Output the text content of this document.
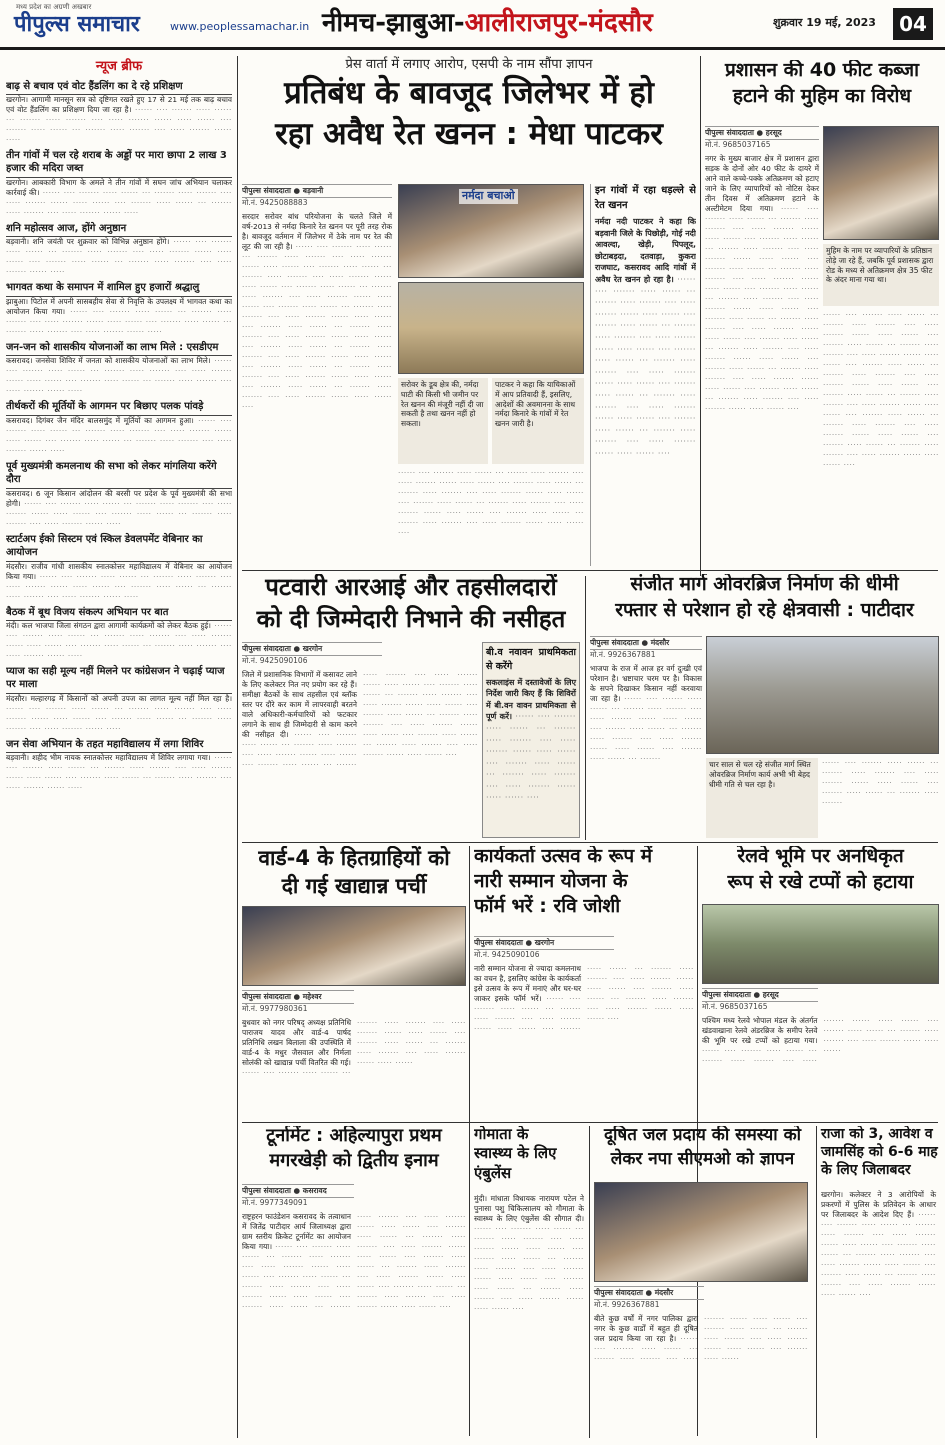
मध्य प्रदेश का अग्रणी अखबार
पीपुल्स समाचार	www.peoplessamachar.in नीमच-झाबुआ-आलीराजपुर-मंदसौर	शुक्रवार 19 मई, 2023	04
न्यूज ब्रीफ
बाढ़ से बचाव एवं वोट हैंडलिंग का दे रहे प्रशिक्षण
खरगोन। आगामी मानसून सत्र को दृष्टिगत रखते हुए 17 से 21 मई तक बाढ़ बचाव एवं वोट हैंडलिंग का प्रशिक्षण दिया जा रहा है। ······ ···· ······· ····· ······ ··· ······· ····· ······· ···· ····· ······· ······ ····· ······ ···· ······· ····· ······ ··· ······· ····· ······· ···· ····· ······· ······ ·····
तीन गांवों में चल रहे शराब के अड्डों पर मारा छापा 2 लाख 3 हजार की मदिरा जब्त
खरगोन। आबकारी विभाग के अमले ने तीन गांवों में सघन जांच अभियान चलाकर कार्रवाई की। ······ ···· ······· ····· ······ ··· ······· ····· ······· ···· ····· ······· ······ ····· ······ ···· ······· ····· ······ ··· ······· ····· ······· ···· ····· ······· ······ ·····
शनि महोत्सव आज, होंगे अनुष्ठान
बड़वानी। शनि जयंती पर शुक्रवार को विभिन्न अनुष्ठान होंगे। ······ ···· ······· ····· ······ ··· ······· ····· ······· ···· ····· ······· ······ ····· ······ ···· ······· ····· ······ ··· ······· ····· ······· ···· ····· ······· ······ ·····
भागवत कथा के समापन में शामिल हुए हजारों श्रद्धालु
झाबुआ। पिटोल में अपनी सासबहीय सेवा से निवृत्ति के उपलक्ष्य में भागवत कथा का आयोजन किया गया। ······ ···· ······· ····· ······ ··· ······· ····· ······· ···· ····· ······· ······ ····· ······ ···· ······· ····· ······ ··· ······· ····· ······· ···· ····· ······· ······ ·····
जन-जन को शासकीय योजनाओं का लाभ मिले : एसडीएम
कसरावद। जनसेवा शिविर में जनता को शासकीय योजनाओं का लाभ मिले। ······ ···· ······· ····· ······ ··· ······· ····· ······· ···· ····· ······· ······ ····· ······ ···· ······· ····· ······ ··· ······· ····· ······· ···· ····· ······· ······ ·····
तीर्थकरों की मूर्तियों के आगमन पर बिछाए पलक पांवड़े
कसरावद। दिगंबर जैन मंदिर बालसमुंद में मूर्तियों का आगमन हुआ। ······ ···· ······· ····· ······ ··· ······· ····· ······· ···· ····· ······· ······ ····· ······ ···· ······· ····· ······ ··· ······· ····· ······· ···· ····· ······· ······ ·····
पूर्व मुख्यमंत्री कमलनाथ की सभा को लेकर मांगलिया करेंगे दौरा
कसरावद। 6 जून किसान आंदोलन की बरसी पर प्रदेश के पूर्व मुख्यमंत्री की सभा होगी। ······ ···· ······· ····· ······ ··· ······· ····· ······· ···· ····· ······· ······ ····· ······ ···· ······· ····· ······ ··· ······· ····· ······· ···· ····· ······· ······ ·····
स्टार्टअप ईको सिस्टम एवं स्किल डेवलपमेंट वेबिनार का आयोजन
मंदसौर। राजीव गांधी शासकीय स्नातकोत्तर महाविद्यालय में वेबिनार का आयोजन किया गया। ······ ···· ······· ····· ······ ··· ······· ····· ······· ···· ····· ······· ······ ····· ······ ···· ······· ····· ······ ··· ······· ····· ······· ···· ····· ······· ······ ·····
बैठक में बूथ विजय संकल्प अभियान पर बात
मंदी। कल भाजपा जिला संगठन द्वारा आगामी कार्यक्रमों को लेकर बैठक हुई। ······ ···· ······· ····· ······ ··· ······· ····· ······· ···· ····· ······· ······ ····· ······ ···· ······· ····· ······ ··· ······· ····· ······· ···· ····· ······· ······ ·····
प्याज का सही मूल्य नहीं मिलने पर कांग्रेसजन ने चढ़ाई प्याज पर माला
मंदसौर। मल्हारगढ़ में किसानों को अपनी उपज का लागत मूल्य नहीं मिल रहा है। ······ ···· ······· ····· ······ ··· ······· ····· ······· ···· ····· ······· ······ ····· ······ ···· ······· ····· ······ ··· ······· ····· ······· ···· ····· ······· ······ ·····
जन सेवा अभियान के तहत महाविद्यालय में लगा शिविर
बड़वानी। शहीद भीम नायक स्नातकोत्तर महाविद्यालय में शिविर लगाया गया। ······ ···· ······· ····· ······ ··· ······· ····· ······· ···· ····· ······· ······ ····· ······ ···· ······· ····· ······ ··· ······· ····· ······· ···· ····· ······· ······ ·····
प्रेस वार्ता में लगाए आरोप, एसपी के नाम सौंपा ज्ञापन
प्रतिबंध के बावजूद जिलेभर में हो
रहा अवैध रेत खनन : मेधा पाटकर
पीपुल्स संवाददाता ● बड़वानी
मो.नं. 9425088883
सरदार सरोवर बांध परियोजना के चलते जिले में वर्ष-2013 से नर्मदा किनारे रेत खनन पर पूरी तरह रोक है। बावजूद वर्तमान में जिलेभर में ठेके नाम पर रेत की लूट की जा रही है। ······ ···· ······· ····· ······ ··· ······· ····· ······· ···· ····· ······· ······ ····· ······ ···· ······· ····· ······ ··· ······· ····· ······· ···· ····· ······· ······ ····· ······ ···· ······· ····· ······ ··· ······· ····· ······· ···· ····· ······· ······ ····· ······ ···· ······· ····· ······ ··· ······· ····· ······· ···· ····· ······· ······ ····· ······ ···· ······· ····· ······ ··· ······· ····· ······· ···· ····· ······· ······ ····· ······ ···· ······· ····· ······ ··· ······· ····· ······· ···· ····· ······· ······ ····· ······ ···· ······· ····· ······ ··· ······· ····· ······· ···· ····· ······· ······ ····· ······ ···· ······· ····· ······ ··· ······· ····· ······· ···· ····· ······· ······ ····· ······ ····
नर्मदा बचाओ
सरोवर के डूब क्षेत्र की, नर्मदा घाटी की किसी भी जमीन पर रेत खनन की मंजूरी नहीं दी जा सकती है तथा खनन नहीं हो सकता।
पाटकर ने कहा कि याचिकाओं में आप प्रतिवादी हैं, इसलिए, आदेशों की अवमानना के साथ नर्मदा किनारे के गांवों में रेत खनन जारी है।
······ ···· ······· ····· ······ ··· ······· ····· ······· ···· ····· ······· ······ ····· ······ ···· ······· ····· ······ ··· ······· ····· ······· ···· ····· ······· ······ ····· ······ ···· ······· ····· ······ ··· ······· ····· ······· ···· ····· ······· ······ ····· ······ ···· ······· ····· ······ ··· ······· ····· ······· ···· ····· ······· ······ ····· ······ ····
इन गांवों में रहा धड़ल्ले से रेत खनन
नर्मदा नदी पाटकर ने कहा कि बड़वानी जिले के पिछोड़ी, गोई नदी आवल्दा, खेड़ी, पिपलूद, छोटाबड़दा, दतवाड़ा, कुकरा राजघाट, कसरावद आदि गांवों में अवैध रेत खनन हो रहा है। ······ ···· ······· ····· ······ ··· ······· ····· ······· ···· ····· ······· ······ ····· ······ ···· ······· ····· ······ ··· ······· ····· ······· ···· ····· ······· ······ ····· ······ ···· ······· ····· ······ ··· ······· ····· ······· ···· ····· ······· ······ ····· ······ ···· ······· ····· ······ ··· ······· ····· ······· ···· ····· ······· ······ ····· ······ ···· ······· ····· ······ ··· ······· ····· ······· ···· ····· ······· ······ ····· ······ ····
प्रशासन की 40 फीट कब्जा
हटाने की मुहिम का विरोध
पीपुल्स संवाददाता ● हरसूद
मो.नं. 9685037165
नगर के मुख्य बाजार क्षेत्र में प्रशासन द्वारा सड़क के दोनों ओर 40 फीट के दायरे में आने वाले कच्चे-पक्के अतिक्रमण को हटाए जाने के लिए व्यापारियों को नोटिस देकर तीन दिवस में अतिक्रमण हटाने के अल्टीमेटम दिया गया। ······ ···· ······· ····· ······ ··· ······· ····· ······· ···· ····· ······· ······ ····· ······ ···· ······· ····· ······ ··· ······· ····· ······· ···· ····· ······· ······ ····· ······ ···· ······· ····· ······ ··· ······· ····· ······· ···· ····· ······· ······ ····· ······ ···· ······· ····· ······ ··· ······· ····· ······· ···· ····· ······· ······ ····· ······ ···· ······· ····· ······ ··· ······· ····· ······· ···· ····· ······· ······ ····· ······ ···· ······· ····· ······ ··· ······· ····· ······· ···· ····· ······· ······ ····· ······ ···· ······· ····· ······ ··· ······· ····· ······· ···· ····· ······· ······ ····· ······ ···· ······· ····· ······ ··· ······· ····· ······· ···· ····· ······· ······ ····· ······ ····
मुहिम के नाम पर व्यापारियों के प्रतिष्ठान तोड़े जा रहे हैं, जबकि पूर्व प्रशासक द्वारा रोड के मध्य से अतिक्रमण क्षेत्र 35 फीट के अंदर माना गया था।
······ ···· ······· ····· ······ ··· ······· ····· ······· ···· ····· ······· ······ ····· ······ ···· ······· ····· ······ ··· ······· ····· ······· ···· ····· ······· ······ ····· ······ ···· ······· ····· ······ ··· ······· ····· ······· ···· ····· ······· ······ ····· ······ ···· ······· ····· ······ ··· ······· ····· ······· ···· ····· ······· ······ ····· ······ ···· ······· ····· ······ ··· ······· ····· ······· ···· ····· ······· ······ ····· ······ ···· ······· ····· ······ ··· ······· ····· ······· ···· ····· ······· ······ ····· ······ ····
पटवारी आरआई और तहसीलदारों
को दी जिम्मेदारी निभाने की नसीहत
पीपुल्स संवाददाता ● खरगोन
मो.नं. 9425090106
जिले में प्रशासनिक विभागों में कसावट लाने के लिए कलेक्टर नित नए प्रयोग कर रहे हैं। समीक्षा बैठकों के साथ तहसील एवं ब्लॉक स्तर पर दौरे कर काम में लापरवाही बरतने वाले अधिकारी-कर्मचारियों को फटकार लगाने के साथ ही जिम्मेदारी से काम करने की नसीहत दी। ······ ···· ······· ····· ······ ··· ······· ····· ······· ···· ····· ······· ······ ····· ······ ···· ······· ····· ······ ··· ······· ····· ······· ···· ····· ······· ······ ····· ······ ···· ······· ····· ······ ··· ······· ····· ······· ···· ····· ······· ······ ····· ······ ···· ······· ····· ······ ··· ······· ····· ······· ···· ····· ······· ······ ····· ······ ···· ······· ····· ······ ··· ······· ····· ······· ···· ····· ······· ······ ····· ······ ····
बी.व नवावन प्राथमिकता से करेंगे
सकलाइंस में दस्तावेजों के लिए निर्देश जारी किए हैं कि शिविरों में बी.वन वावन प्राथमिकता से पूर्ण करें। ······ ···· ······· ····· ······ ··· ······· ····· ······· ···· ····· ······· ······ ····· ······ ···· ······· ····· ······ ··· ······· ····· ······· ···· ····· ······· ······ ····· ······ ····
संजीत मार्ग ओवरब्रिज निर्माण की धीमी
रफ्तार से परेशान हो रहे क्षेत्रवासी : पाटीदार
पीपुल्स संवाददाता ● मंदसौर
मो.नं. 9926367881
भाजपा के राज में आज हर वर्ग दुःखी एवं परेशान है। भ्रष्टाचार चरम पर है। विकास के सपने दिखाकर किसान नहीं करवाया जा रहा है। ······ ···· ······· ····· ······ ··· ······· ····· ······· ···· ····· ······· ······ ····· ······ ···· ······· ····· ······ ··· ······· ····· ······· ···· ····· ······· ······ ····· ······ ···· ······· ····· ······ ··· ·······
चार साल से चल रहे संजीत मार्ग स्थित ओवरब्रिज निर्माण कार्य अभी भी बेहद धीमी गति से चल रहा है।
······ ···· ······· ····· ······ ··· ······· ····· ······· ···· ····· ······· ······ ····· ······ ···· ······· ····· ······ ··· ······· ····· ·······
वार्ड-4 के हितग्राहियों को
दी गई खाद्यान्न पर्ची
पीपुल्स संवाददाता ● महेश्वर
मो.नं. 9977980361
बुधवार को नगर परिषद् अध्यक्ष प्रतिनिधि पाराजय यादव और वार्ड-4 पार्षद प्रतिनिधि लखन बिलाला की उपस्थिति में वार्ड-4 के मधुर जैसवाल और निर्मला सोलंकी को खाद्यान्न पर्ची वितरित की गई। ······ ···· ······· ····· ······ ··· ······· ····· ······· ···· ····· ······· ······ ····· ······ ···· ······· ····· ······ ··· ······· ····· ······· ···· ····· ······· ······ ····· ······
कार्यकर्ता उत्सव के रूप में
नारी सम्मान योजना के
फॉर्म भरें : रवि जोशी
पीपुल्स संवाददाता ● खरगोन
मो.नं. 9425090106
नारी सम्मान योजना से ज्यादा कमलनाथ का वचन है, इसलिए कांग्रेस के कार्यकर्ता इसे उत्सव के रूप में मनाएं और घर-घर जाकर इसके फॉर्म भरें। ······ ···· ······· ····· ······ ··· ······· ····· ······· ···· ····· ······· ······ ····· ······ ···· ······· ····· ······ ··· ······· ····· ······· ···· ····· ······· ······ ····· ······ ···· ······· ····· ······ ··· ······· ····· ······· ···· ····· ······· ······ ····· ······ ····
रेलवे भूमि पर अनधिकृत
रूप से रखे टप्पों को हटाया
पीपुल्स संवाददाता ● हरसूद
मो.नं. 9685037165
पश्चिम मध्य रेलवे भोपाल मंडल के अंतर्गत खंडवाखाना रेलवे अंडरब्रिज के समीप रेलवे की भूमि पर रखे टप्पों को हटाया गया। ······ ···· ······· ····· ······ ··· ······· ····· ······· ···· ····· ······· ······ ····· ······ ···· ······· ····· ······ ··· ······· ····· ······· ···· ····· ······· ······ ····· ······
टूर्नामेंट : अहिल्यापुरा प्रथम
मगरखेड़ी को द्वितीय इनाम
पीपुल्स संवाददाता ● कसरावद
मो.नं. 9977349091
राष्ट्रहरन फाउंडेशन कसरावद के तत्वाधान में जितेंद्र पाटीदार आर्य जिलाध्यक्ष द्वारा ग्राम स्तरीय क्रिकेट टूर्नामेंट का आयोजन किया गया। ······ ···· ······· ····· ······ ··· ······· ····· ······· ···· ····· ······· ······ ····· ······ ···· ······· ····· ······ ··· ······· ····· ······· ···· ····· ······· ······ ····· ······ ···· ······· ····· ······ ··· ······· ····· ······· ···· ····· ······· ······ ····· ······ ···· ······· ····· ······ ··· ······· ····· ······· ···· ····· ······· ······ ····· ······ ···· ······· ····· ······ ··· ······· ····· ······· ···· ····· ······· ······ ····· ······ ···· ······· ····· ······ ··· ······· ····· ······· ···· ····· ······· ······ ····· ······ ····
गोमाता के
स्वास्थ्य के लिए
एंबुलेंस
मुंदी। मांधाता विधायक नारायण पटेल ने पुनासा पशु चिकित्सालय को गौमाता के स्वास्थ्य के लिए एंबुलेंस की सौगात दी। ······ ···· ······· ····· ······ ··· ······· ····· ······· ···· ····· ······· ······ ····· ······ ···· ······· ····· ······ ··· ······· ····· ······· ···· ····· ······· ······ ····· ······ ···· ······· ····· ······ ··· ······· ····· ······· ···· ····· ······· ······ ····· ······ ····
दूषित जल प्रदाय की समस्या को
लेकर नपा सीएमओ को ज्ञापन
पीपुल्स संवाददाता ● मंदसौर
मो.नं. 9926367881
बीते कुछ वर्षों में नगर पालिका द्वारा नगर के कुछ वार्डों में बहुत ही दूषित जल प्रदाय किया जा रहा है। ······ ···· ······· ····· ······ ··· ······· ····· ······· ···· ····· ······· ······ ····· ······ ···· ······· ····· ······ ··· ······· ····· ······· ···· ····· ······· ······ ····· ······ ···· ······· ····· ······
राजा को 3, आवेश व
जामसिंह को 6-6 माह
के लिए जिलाबदर
खरगोन। कलेक्टर ने 3 आरोपियों के प्रकरणों में पुलिस के प्रतिवेदन के आधार पर जिलाबदर के आदेश दिए हैं। ······ ···· ······· ····· ······ ··· ······· ····· ······· ···· ····· ······· ······ ····· ······ ···· ······· ····· ······ ··· ······· ····· ······· ···· ····· ······· ······ ····· ······ ···· ······· ····· ······ ··· ······· ····· ······· ···· ····· ······· ······ ····· ······ ····
